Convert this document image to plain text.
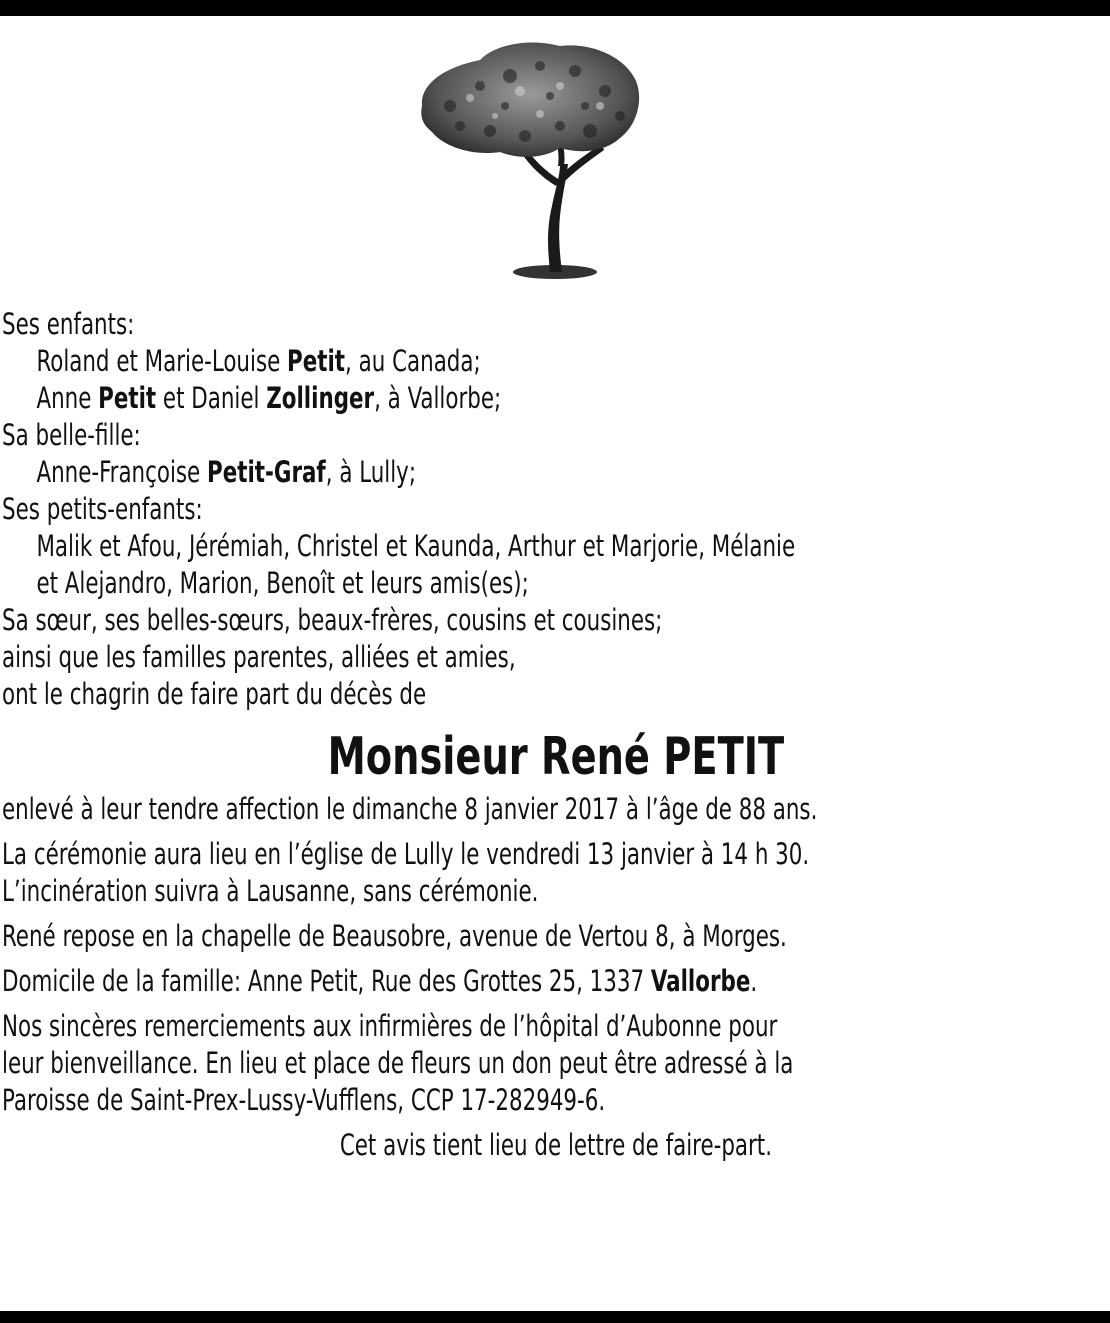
Ses enfants:

Roland et Marie-Louise Petit, au Canada;

Anne Petit et Daniel Zollinger, à Vallorbe;

Sa belle-fille:

Anne-Françoise Petit-Graf, à Lully;

Ses petits-enfants:

Malik et Afou, Jérémiah, Christel et Kaunda, Arthur et Marjorie, Mélanie

et Alejandro, Marion, Benoît et leurs amis(es);

Sa sœur, ses belles-sœurs, beaux-frères, cousins et cousines;

ainsi que les familles parentes, alliées et amies,

ont le chagrin de faire part du décès de

Monsieur René PETIT

enlevé à leur tendre affection le dimanche 8 janvier 2017 à l’âge de 88 ans.

La cérémonie aura lieu en l’église de Lully le vendredi 13 janvier à 14 h 30.

L’incinération suivra à Lausanne, sans cérémonie.

René repose en la chapelle de Beausobre, avenue de Vertou 8, à Morges.

Domicile de la famille: Anne Petit, Rue des Grottes 25, 1337 Vallorbe.

Nos sincères remerciements aux infirmières de l’hôpital d’Aubonne pour

leur bienveillance. En lieu et place de fleurs un don peut être adressé à la

Paroisse de Saint-Prex-Lussy-Vufflens, CCP 17-282949-6.

Cet avis tient lieu de lettre de faire-part.
